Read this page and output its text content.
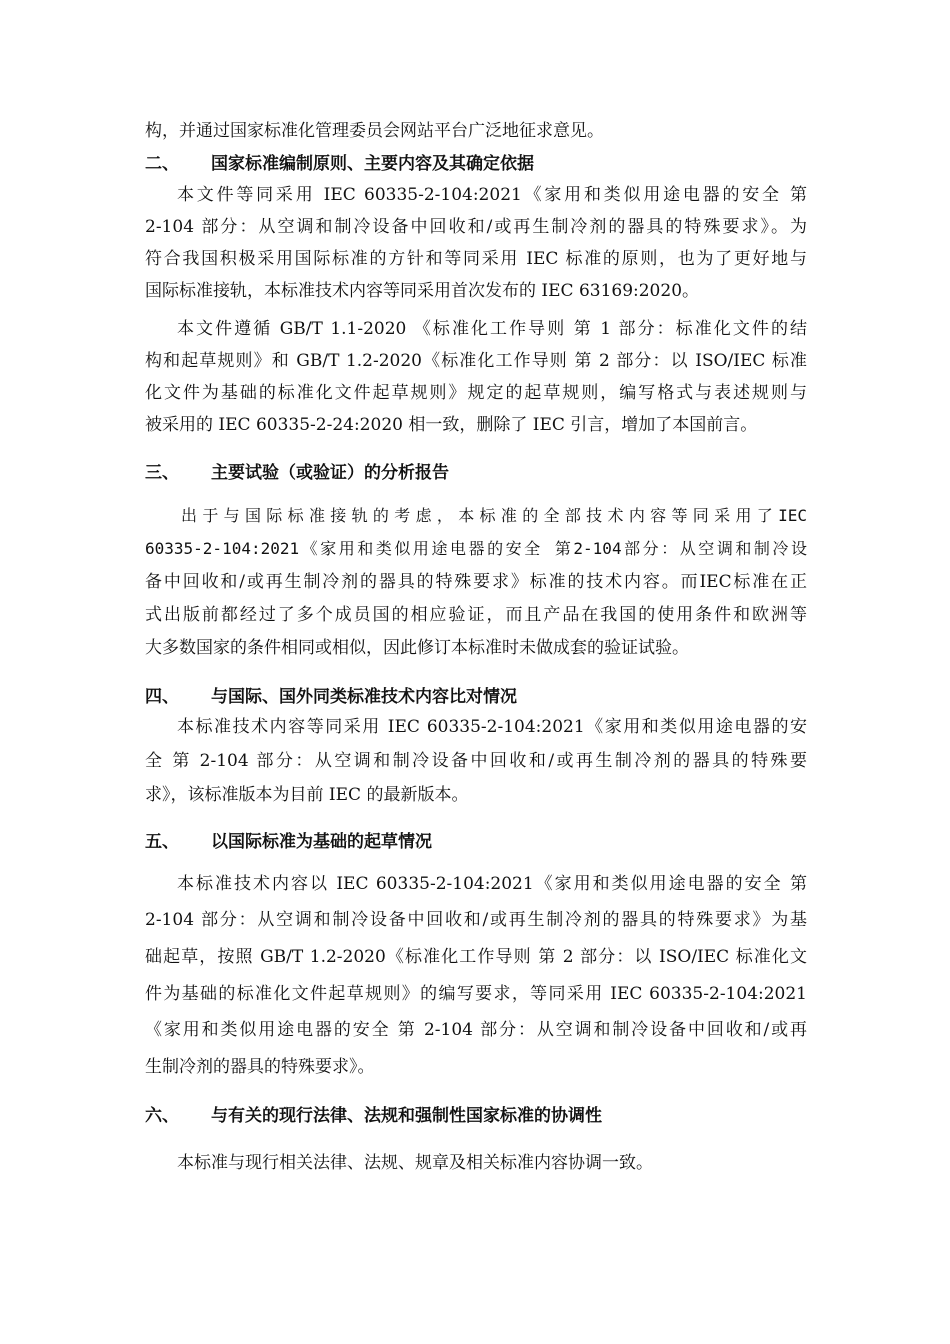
构，并通过国家标准化管理委员会网站平台广泛地征求意见。
二、 国家标准编制原则、主要内容及其确定依据
本文件等同采用 IEC 60335-2-104:2021《家用和类似用途电器的安全 第
2-104 部分：从空调和制冷设备中回收和/或再生制冷剂的器具的特殊要求》。为
符合我国积极采用国际标准的方针和等同采用 IEC 标准的原则，也为了更好地与
国际标准接轨，本标准技术内容等同采用首次发布的 IEC 63169:2020。
本文件遵循 GB/T 1.1-2020 《标准化工作导则 第 1 部分：标准化文件的结
构和起草规则》和 GB/T 1.2-2020《标准化工作导则 第 2 部分：以 ISO/IEC 标准
化文件为基础的标准化文件起草规则》规定的起草规则，编写格式与表述规则与
被采用的 IEC 60335-2-24:2020 相一致，删除了 IEC 引言，增加了本国前言。
三、 主要试验（或验证）的分析报告
出于与国际标准接轨的考虑，本标准的全部技术内容等同采用了IEC
60335-2-104:2021《家用和类似用途电器的安全 第2-104部分：从空调和制冷设
备中回收和/或再生制冷剂的器具的特殊要求》标准的技术内容。而IEC标准在正
式出版前都经过了多个成员国的相应验证，而且产品在我国的使用条件和欧洲等
大多数国家的条件相同或相似，因此修订本标准时未做成套的验证试验。
四、 与国际、国外同类标准技术内容比对情况
本标准技术内容等同采用 IEC 60335-2-104:2021《家用和类似用途电器的安
全 第 2-104 部分：从空调和制冷设备中回收和/或再生制冷剂的器具的特殊要
求》，该标准版本为目前 IEC 的最新版本。
五、 以国际标准为基础的起草情况
本标准技术内容以 IEC 60335-2-104:2021《家用和类似用途电器的安全 第
2-104 部分：从空调和制冷设备中回收和/或再生制冷剂的器具的特殊要求》为基
础起草，按照 GB/T 1.2-2020《标准化工作导则 第 2 部分：以 ISO/IEC 标准化文
件为基础的标准化文件起草规则》的编写要求，等同采用 IEC 60335-2-104:2021
《家用和类似用途电器的安全 第 2-104 部分：从空调和制冷设备中回收和/或再
生制冷剂的器具的特殊要求》。
六、 与有关的现行法律、法规和强制性国家标准的协调性
本标准与现行相关法律、法规、规章及相关标准内容协调一致。
